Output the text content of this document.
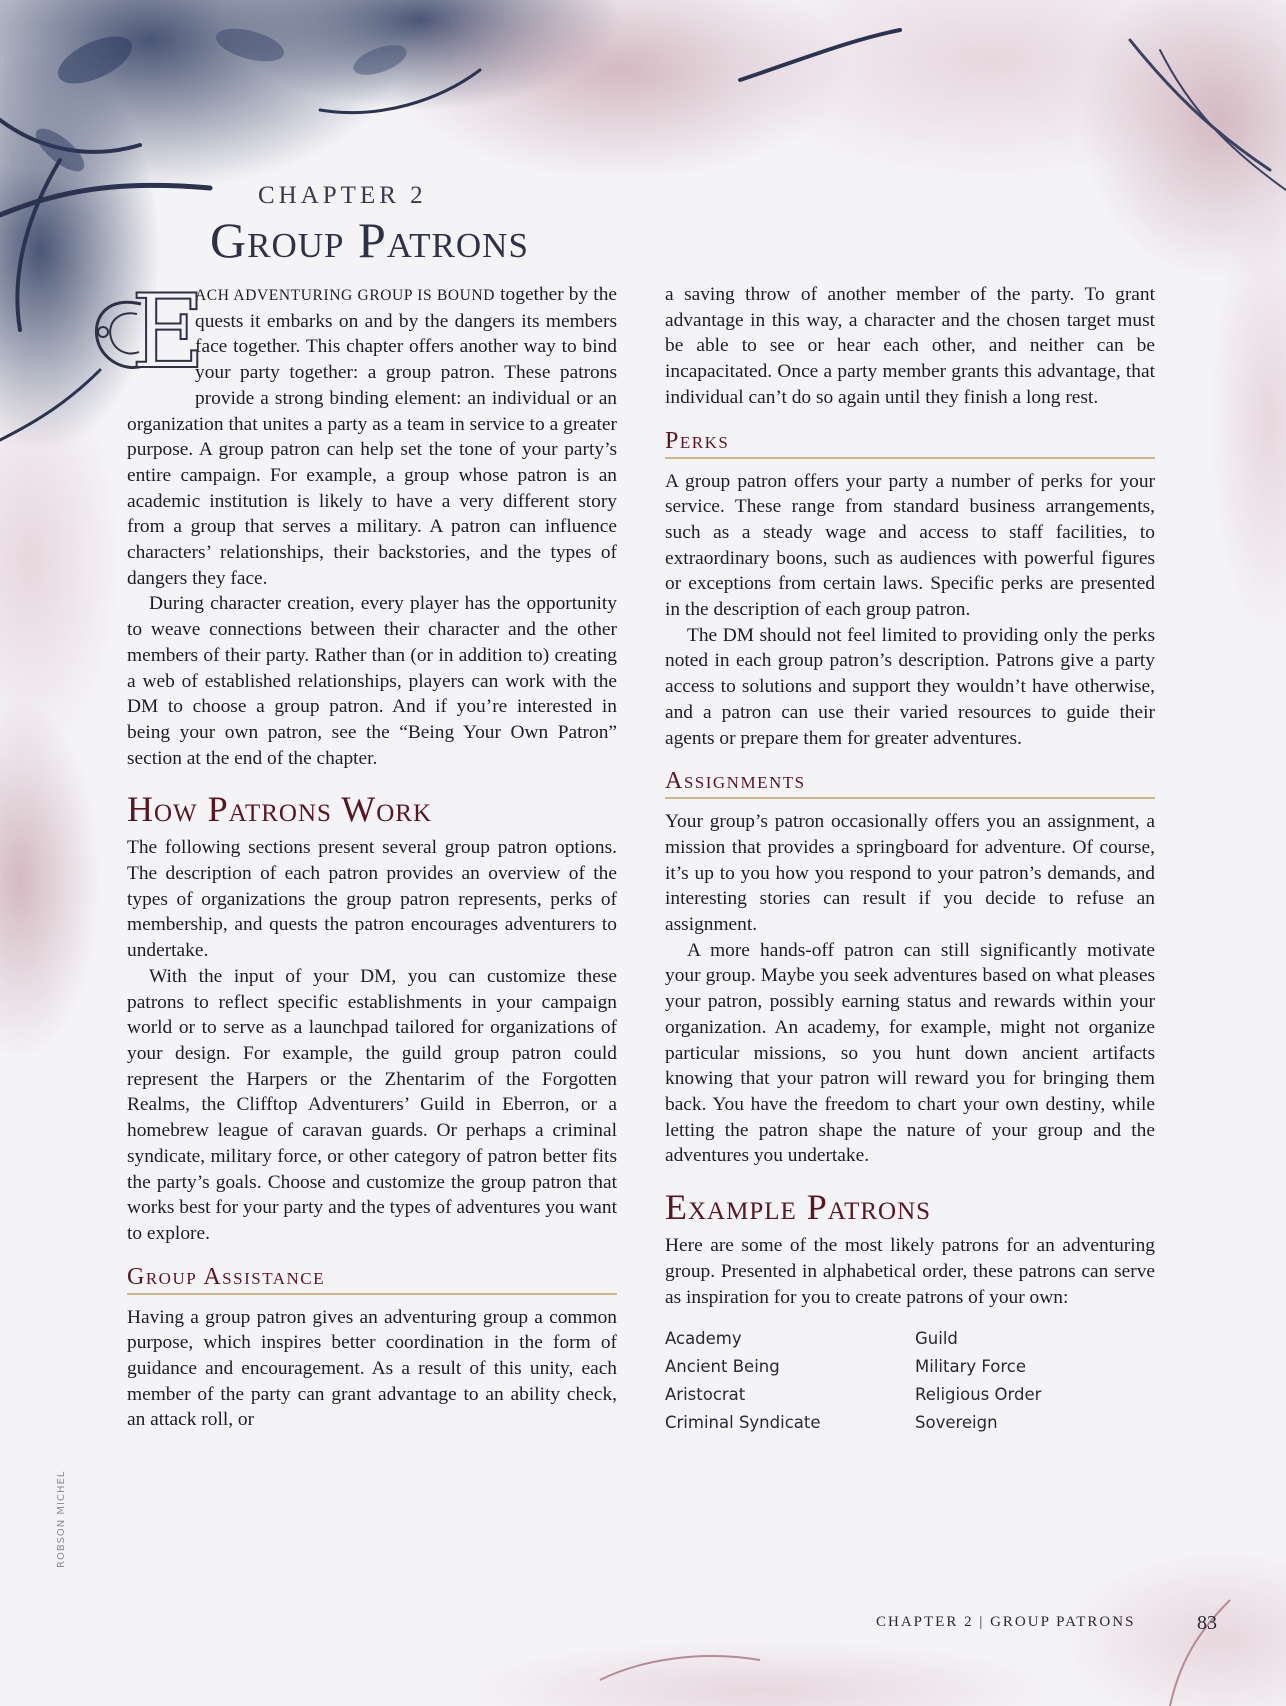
CHAPTER 2
Group Patrons

E
ACH ADVENTURING GROUP IS BOUND together by the quests it embarks on and by the dangers its members face together. This chapter offers another way to bind your party together: a group patron. These patrons provide a strong binding element: an individual or an organization that unites a party as a team in service to a greater purpose. A group patron can help set the tone of your party’s entire campaign. For example, a group whose patron is an academic institution is likely to have a very different story from a group that serves a military. A patron can influence characters’ relationships, their backstories, and the types of dangers they face.

During character creation, every player has the opportunity to weave connections between their character and the other members of their party. Rather than (or in addition to) creating a web of established relationships, players can work with the DM to choose a group patron. And if you’re interested in being your own patron, see the “Being Your Own Patron” section at the end of the chapter.

How Patrons Work

The following sections present several group patron options. The description of each patron provides an overview of the types of organizations the group patron represents, perks of membership, and quests the patron encourages adventurers to undertake.

With the input of your DM, you can customize these patrons to reflect specific establishments in your campaign world or to serve as a launchpad tailored for organizations of your design. For example, the guild group patron could represent the Harpers or the Zhentarim of the Forgotten Realms, the Clifftop Adventurers’ Guild in Eberron, or a homebrew league of caravan guards. Or perhaps a criminal syndicate, military force, or other category of patron better fits the party’s goals. Choose and customize the group patron that works best for your party and the types of adventures you want to explore.

Group Assistance

Having a group patron gives an adventuring group a common purpose, which inspires better coordination in the form of guidance and encouragement. As a result of this unity, each member of the party can grant advantage to an ability check, an attack roll, or

a saving throw of another member of the party. To grant advantage in this way, a character and the chosen target must be able to see or hear each other, and neither can be incapacitated. Once a party member grants this advantage, that individual can’t do so again until they finish a long rest.

Perks

A group patron offers your party a number of perks for your service. These range from standard business arrangements, such as a steady wage and access to staff facilities, to extraordinary boons, such as audiences with powerful figures or exceptions from certain laws. Specific perks are presented in the description of each group patron.

The DM should not feel limited to providing only the perks noted in each group patron’s description. Patrons give a party access to solutions and support they wouldn’t have otherwise, and a patron can use their varied resources to guide their agents or prepare them for greater adventures.

Assignments

Your group’s patron occasionally offers you an assignment, a mission that provides a springboard for adventure. Of course, it’s up to you how you respond to your patron’s demands, and interesting stories can result if you decide to refuse an assignment.

A more hands-off patron can still significantly motivate your group. Maybe you seek adventures based on what pleases your patron, possibly earning status and rewards within your organization. An academy, for example, might not organize particular missions, so you hunt down ancient artifacts knowing that your patron will reward you for bringing them back. You have the freedom to chart your own destiny, while letting the patron shape the nature of your group and the adventures you undertake.

Example Patrons

Here are some of the most likely patrons for an adventuring group. Presented in alphabetical order, these patrons can serve as inspiration for you to create patrons of your own:

Academy	Guild
Ancient Being	Military Force
Aristocrat	Religious Order
Criminal Syndicate	Sovereign
CHAPTER 2 | GROUP PATRONS	83
ROBSON MICHEL
